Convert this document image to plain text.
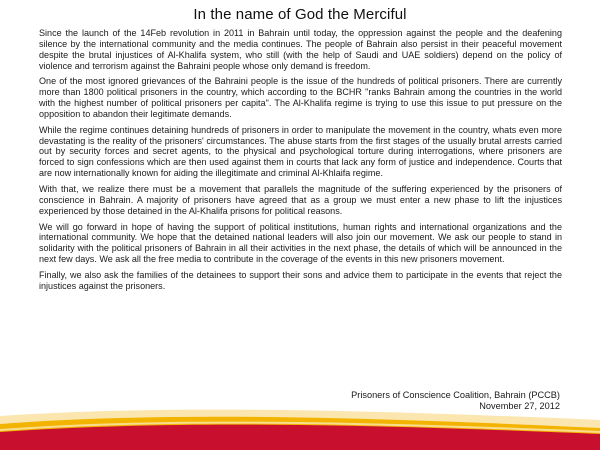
In the name of God the Merciful

Since the launch of the 14Feb revolution in 2011 in Bahrain until today, the oppression against the people and the deafening silence by the international community and the media continues. The people of Bahrain also persist in their peaceful movement despite the brutal injustices of Al-Khalifa system, who still (with the help of Saudi and UAE soldiers) depend on the policy of violence and terrorism against the Bahraini people whose only demand is freedom.

One of the most ignored grievances of the Bahraini people is the issue of the hundreds of political prisoners. There are currently more than 1800 political prisoners in the country, which according to the BCHR "ranks Bahrain among the countries in the world with the highest number of political prisoners per capita". The Al-Khalifa regime is trying to use this issue to put pressure on the opposition to abandon their legitimate demands.

While the regime continues detaining hundreds of prisoners in order to manipulate the movement in the country, whats even more devastating is the reality of the prisoners' circumstances. The abuse starts from the first stages of the usually brutal arrests carried out by security forces and secret agents, to the physical and psychological torture during interrogations, where prisoners are forced to sign confessions which are then used against them in courts that lack any form of justice and independence. Courts that are now internationally known for aiding the illegitimate and criminal Al-Khlaifa regime.

With that, we realize there must be a movement that parallels the magnitude of the suffering experienced by the prisoners of conscience in Bahrain. A majority of prisoners have agreed that as a group we must enter a new phase to lift the injustices experienced by those detained in the Al-Khalifa prisons for political reasons.

We will go forward in hope of having the support of political institutions, human rights and international organizations and the international community. We hope that the detained national leaders will also join our movement. We ask our people to stand in solidarity with the political prisoners of Bahrain in all their activities in the next phase, the details of which will be announced in the next few days. We ask all the free media to contribute in the coverage of the events in this new prisoners movement.

Finally, we also ask the families of the detainees to support their sons and advice them to participate in the events that reject the injustices against the prisoners.

Prisoners of Conscience Coalition, Bahrain (PCCB)
November 27, 2012
